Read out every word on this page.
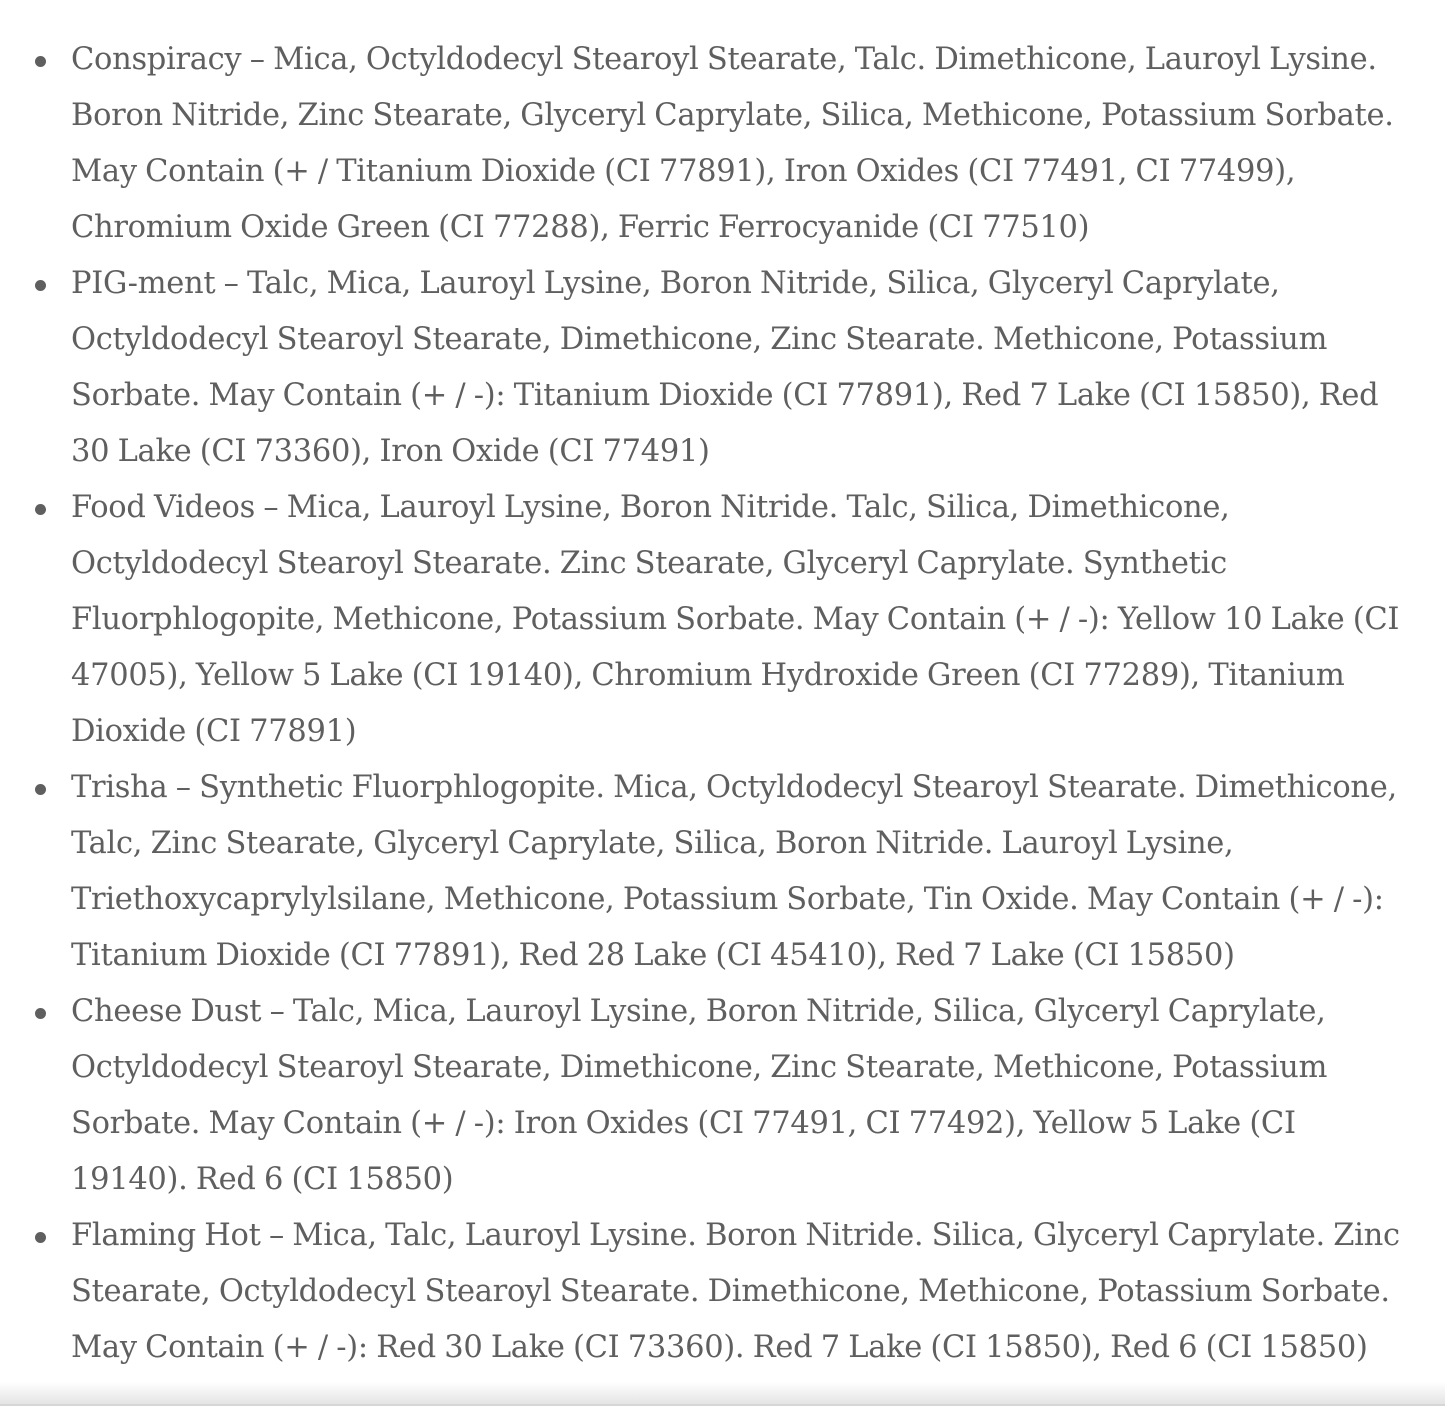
Conspiracy – Mica, Octyldodecyl Stearoyl Stearate, Talc. Dimethicone, Lauroyl Lysine. Boron Nitride, Zinc Stearate, Glyceryl Caprylate, Silica, Methicone, Potassium Sorbate. May Contain (+ / Titanium Dioxide (CI 77891), Iron Oxides (CI 77491, CI 77499), Chromium Oxide Green (CI 77288), Ferric Ferrocyanide (CI 77510)
PIG-ment – Talc, Mica, Lauroyl Lysine, Boron Nitride, Silica, Glyceryl Caprylate, Octyldodecyl Stearoyl Stearate, Dimethicone, Zinc Stearate. Methicone, Potassium Sorbate. May Contain (+ / -): Titanium Dioxide (CI 77891), Red 7 Lake (CI 15850), Red 30 Lake (CI 73360), Iron Oxide (CI 77491)
Food Videos – Mica, Lauroyl Lysine, Boron Nitride. Talc, Silica, Dimethicone, Octyldodecyl Stearoyl Stearate. Zinc Stearate, Glyceryl Caprylate. Synthetic Fluorphlogopite, Methicone, Potassium Sorbate. May Contain (+ / -): Yellow 10 Lake (CI 47005), Yellow 5 Lake (CI 19140), Chromium Hydroxide Green (CI 77289), Titanium Dioxide (CI 77891)
Trisha – Synthetic Fluorphlogopite. Mica, Octyldodecyl Stearoyl Stearate. Dimethicone, Talc, Zinc Stearate, Glyceryl Caprylate, Silica, Boron Nitride. Lauroyl Lysine, Triethoxycaprylylsilane, Methicone, Potassium Sorbate, Tin Oxide. May Contain (+ / -): Titanium Dioxide (CI 77891), Red 28 Lake (CI 45410), Red 7 Lake (CI 15850)
Cheese Dust – Talc, Mica, Lauroyl Lysine, Boron Nitride, Silica, Glyceryl Caprylate, Octyldodecyl Stearoyl Stearate, Dimethicone, Zinc Stearate, Methicone, Potassium Sorbate. May Contain (+ / -): Iron Oxides (CI 77491, CI 77492), Yellow 5 Lake (CI 19140). Red 6 (CI 15850)
Flaming Hot – Mica, Talc, Lauroyl Lysine. Boron Nitride. Silica, Glyceryl Caprylate. Zinc Stearate, Octyldodecyl Stearoyl Stearate. Dimethicone, Methicone, Potassium Sorbate. May Contain (+ / -): Red 30 Lake (CI 73360). Red 7 Lake (CI 15850), Red 6 (CI 15850)
